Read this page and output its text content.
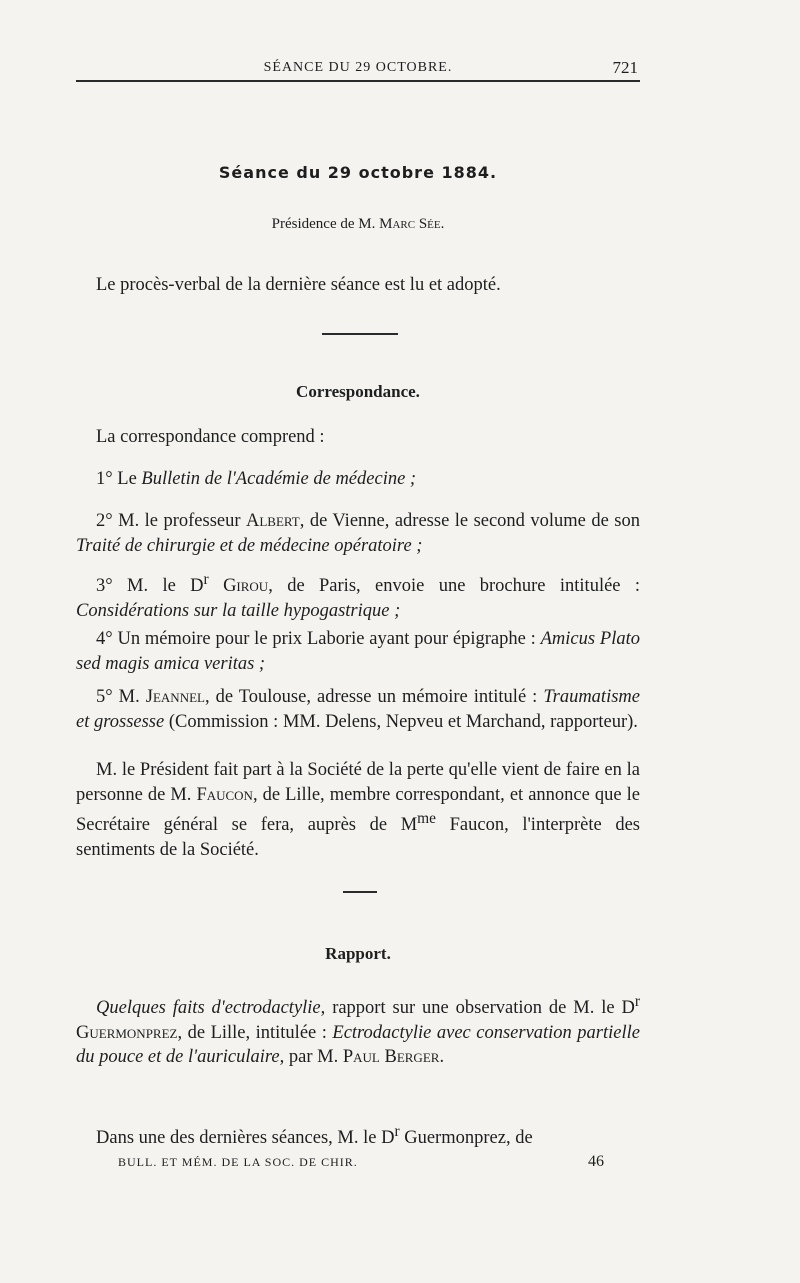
SÉANCE DU 29 OCTOBRE.	721
Séance du 29 octobre 1884.
Présidence de M. Marc Sée.
Le procès-verbal de la dernière séance est lu et adopté.
Correspondance.
La correspondance comprend :
1° Le Bulletin de l'Académie de médecine ;
2° M. le professeur Albert, de Vienne, adresse le second volume de son Traité de chirurgie et de médecine opératoire ;
3° M. le $D^r$ Girou, de Paris, envoie une brochure intitulée : Considérations sur la taille hypogastrique ;
4° Un mémoire pour le prix Laborie ayant pour épigraphe : Amicus Plato sed magis amica veritas ;
5° M. Jeannel, de Toulouse, adresse un mémoire intitulé : Traumatisme et grossesse (Commission : MM. Delens, Nepveu et Marchand, rapporteur).
M. le Président fait part à la Société de la perte qu'elle vient de faire en la personne de M. Faucon, de Lille, membre correspondant, et annonce que le Secrétaire général se fera, auprès de $M^{me}$ Faucon, l'interprète des sentiments de la Société.
Rapport.
Quelques faits d'ectrodactylie, rapport sur une observation de M. le $D^r$ Guermonprez, de Lille, intitulée : Ectrodactylie avec conservation partielle du pouce et de l'auriculaire, par M. Paul Berger.
Dans une des dernières séances, M. le $D^r$ Guermonprez, de
BULL. ET MÉM. DE LA SOC. DE CHIR.	46
